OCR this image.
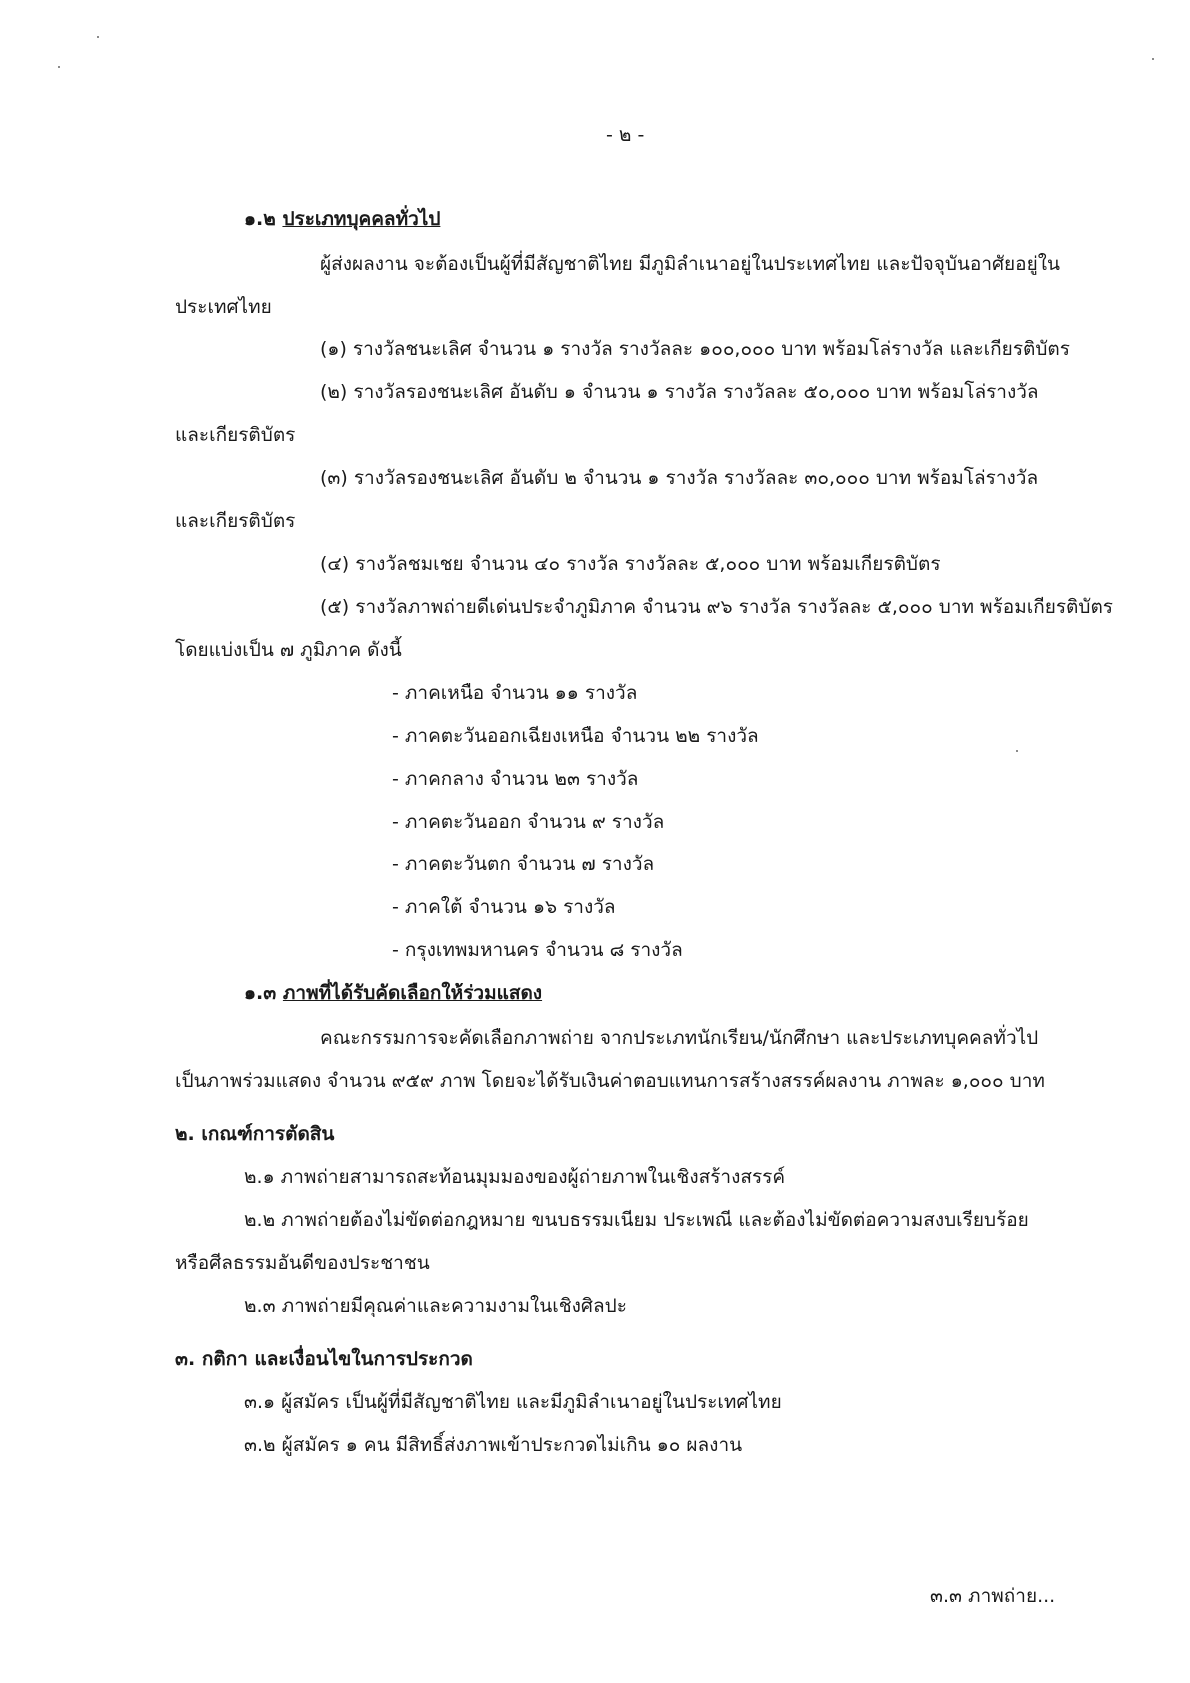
- ๒ -
๑.๒ ประเภทบุคคลทั่วไป
ผู้ส่งผลงาน จะต้องเป็นผู้ที่มีสัญชาติไทย มีภูมิลำเนาอยู่ในประเทศไทย และปัจจุบันอาศัยอยู่ใน
ประเทศไทย
(๑) รางวัลชนะเลิศ จำนวน ๑ รางวัล รางวัลละ ๑๐๐,๐๐๐ บาท พร้อมโล่รางวัล และเกียรติบัตร
(๒) รางวัลรองชนะเลิศ อันดับ ๑ จำนวน ๑ รางวัล รางวัลละ ๕๐,๐๐๐ บาท พร้อมโล่รางวัล
และเกียรติบัตร
(๓) รางวัลรองชนะเลิศ อันดับ ๒ จำนวน ๑ รางวัล รางวัลละ ๓๐,๐๐๐ บาท พร้อมโล่รางวัล
และเกียรติบัตร
(๔) รางวัลชมเชย จำนวน ๔๐ รางวัล รางวัลละ ๕,๐๐๐ บาท พร้อมเกียรติบัตร
(๕) รางวัลภาพถ่ายดีเด่นประจำภูมิภาค จำนวน ๙๖ รางวัล รางวัลละ ๕,๐๐๐ บาท พร้อมเกียรติบัตร
โดยแบ่งเป็น ๗ ภูมิภาค ดังนี้
- ภาคเหนือ จำนวน ๑๑ รางวัล
- ภาคตะวันออกเฉียงเหนือ จำนวน ๒๒ รางวัล
- ภาคกลาง จำนวน ๒๓ รางวัล
- ภาคตะวันออก จำนวน ๙ รางวัล
- ภาคตะวันตก จำนวน ๗ รางวัล
- ภาคใต้ จำนวน ๑๖ รางวัล
- กรุงเทพมหานคร จำนวน ๘ รางวัล
๑.๓ ภาพที่ได้รับคัดเลือกให้ร่วมแสดง
คณะกรรมการจะคัดเลือกภาพถ่าย จากประเภทนักเรียน/นักศึกษา และประเภทบุคคลทั่วไป
เป็นภาพร่วมแสดง จำนวน ๙๕๙ ภาพ โดยจะได้รับเงินค่าตอบแทนการสร้างสรรค์ผลงาน ภาพละ ๑,๐๐๐ บาท
๒. เกณฑ์การตัดสิน
๒.๑ ภาพถ่ายสามารถสะท้อนมุมมองของผู้ถ่ายภาพในเชิงสร้างสรรค์
๒.๒ ภาพถ่ายต้องไม่ขัดต่อกฎหมาย ขนบธรรมเนียม ประเพณี และต้องไม่ขัดต่อความสงบเรียบร้อย
หรือศีลธรรมอันดีของประชาชน
๒.๓ ภาพถ่ายมีคุณค่าและความงามในเชิงศิลปะ
๓. กติกา และเงื่อนไขในการประกวด
๓.๑ ผู้สมัคร เป็นผู้ที่มีสัญชาติไทย และมีภูมิลำเนาอยู่ในประเทศไทย
๓.๒ ผู้สมัคร ๑ คน มีสิทธิ์ส่งภาพเข้าประกวดไม่เกิน ๑๐ ผลงาน
๓.๓ ภาพถ่าย...
